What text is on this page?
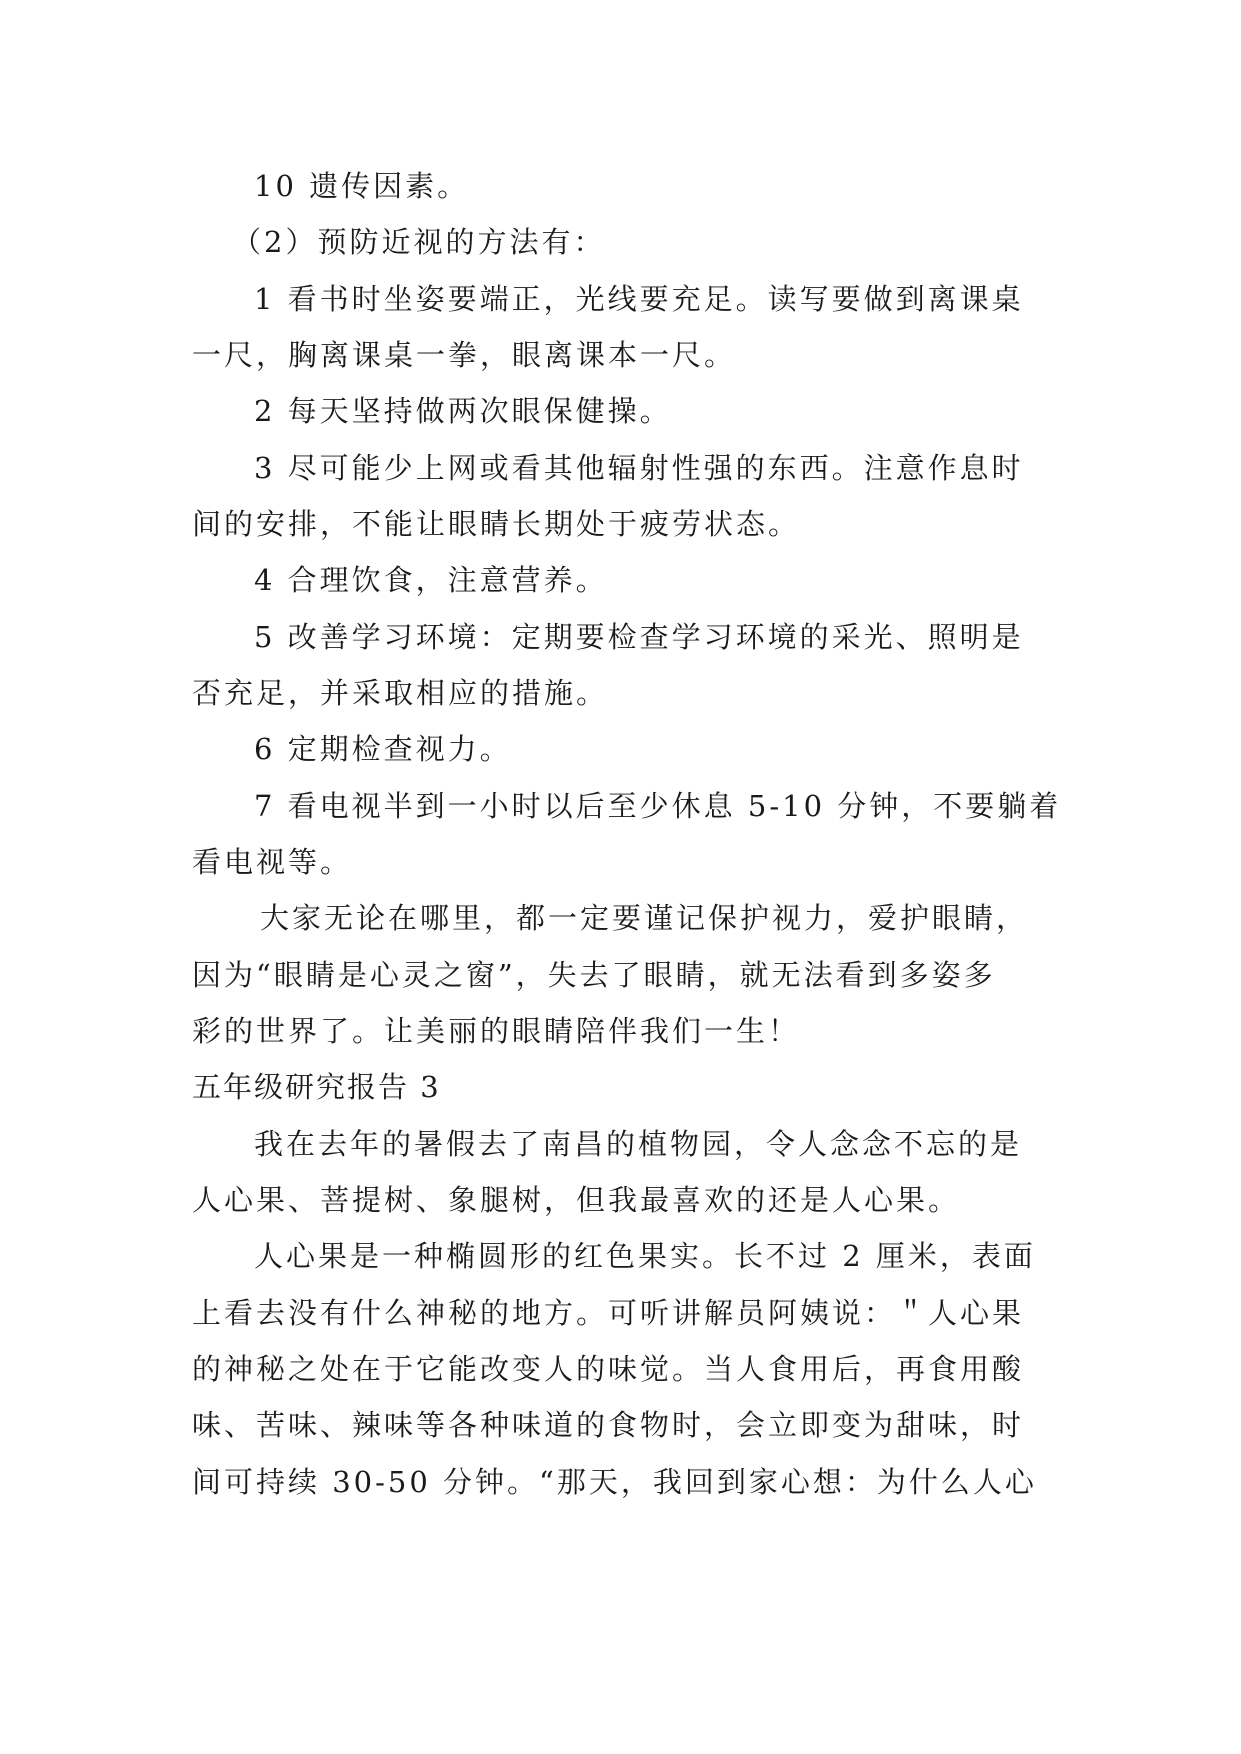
10 遗传因素。
（2）预防近视的方法有：
1 看书时坐姿要端正，光线要充足。读写要做到离课桌
一尺，胸离课桌一拳，眼离课本一尺。
2 每天坚持做两次眼保健操。
3 尽可能少上网或看其他辐射性强的东西。注意作息时
间的安排，不能让眼睛长期处于疲劳状态。
4 合理饮食，注意营养。
5 改善学习环境：定期要检查学习环境的采光、照明是
否充足，并采取相应的措施。
6 定期检查视力。
7 看电视半到一小时以后至少休息 5-10 分钟，不要躺着
看电视等。
大家无论在哪里，都一定要谨记保护视力，爱护眼睛，
因为“眼睛是心灵之窗”，失去了眼睛，就无法看到多姿多
彩的世界了。让美丽的眼睛陪伴我们一生！
五年级研究报告 3
我在去年的暑假去了南昌的植物园，令人念念不忘的是
人心果、菩提树、象腿树，但我最喜欢的还是人心果。
人心果是一种椭圆形的红色果实。长不过 2 厘米，表面
上看去没有什么神秘的地方。可听讲解员阿姨说：＂人心果
的神秘之处在于它能改变人的味觉。当人食用后，再食用酸
味、苦味、辣味等各种味道的食物时，会立即变为甜味，时
间可持续 30-50 分钟。“那天，我回到家心想：为什么人心
